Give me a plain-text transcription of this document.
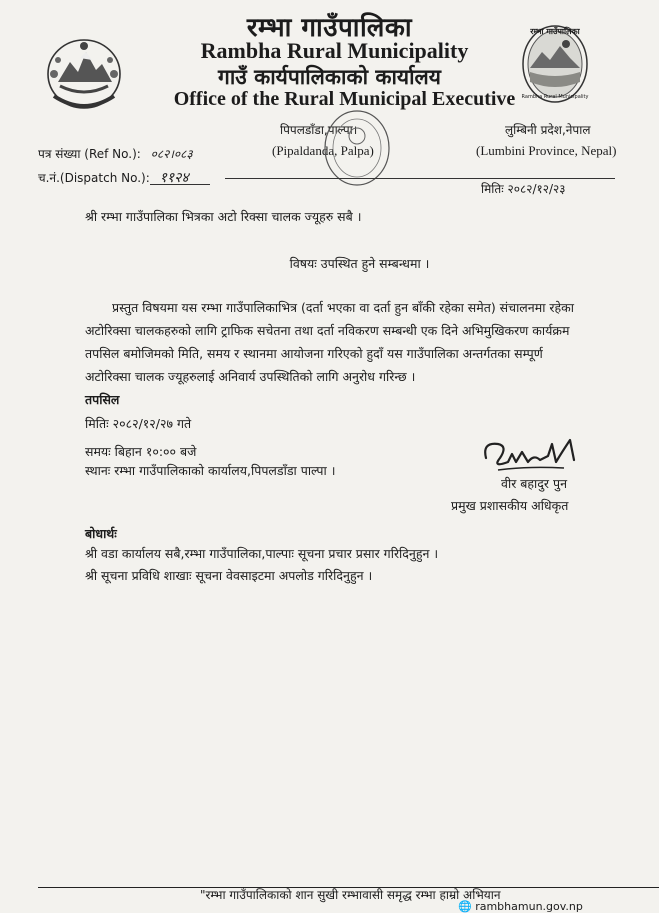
रम्भा गाउँपालिका
Rambha Rural Municipality
रम्भा गाउँपालिका
Rambha Rural Municipality
गाउँ कार्यपालिकाको कार्यालय
Office of the Rural Municipal Executive
पिपलडाँडा,पाल्पा।
(Pipaldanda, Palpa)
लुम्बिनी प्रदेश,नेपाल
(Lumbini Province, Nepal)
पत्र संख्या (Ref No.): ०८२।०८३
च.नं.(Dispatch No.): ११२४
मितिः २०८२/१२/२३
श्री रम्भा गाउँपालिका भित्रका अटो रिक्सा चालक ज्यूहरु सबै ।
विषयः उपस्थित हुने सम्बन्धमा ।
प्रस्तुत विषयमा यस रम्भा गाउँपालिकाभित्र (दर्ता भएका वा दर्ता हुन बाँकी रहेका समेत) संचालनमा रहेका
अटोरिक्सा चालकहरुको लागि ट्राफिक सचेतना तथा दर्ता नविकरण सम्बन्धी एक दिने अभिमुखिकरण कार्यक्रम
तपसिल बमोजिमको मिति, समय र स्थानमा आयोजना गरिएको हुदाँ यस गाउँपालिका अन्तर्गतका सम्पूर्ण
अटोरिक्सा चालक ज्यूहरुलाई अनिवार्य उपस्थितिको लागि अनुरोध गरिन्छ ।
तपसिल
मितिः २०८२/१२/२७ गते
समयः बिहान १०:०० बजे
स्थानः रम्भा गाउँपालिकाको कार्यालय,पिपलडाँडा पाल्पा ।
वीर बहादुर पुन
प्रमुख प्रशासकीय अधिकृत
बोधार्थः
श्री वडा कार्यालय सबै,रम्भा गाउँपालिका,पाल्पाः सूचना प्रचार प्रसार गरिदिनुहुन ।
श्री सूचना प्रविधि शाखाः सूचना वेवसाइटमा अपलोड गरिदिनुहुन ।
"रम्भा गाउँपालिकाको शान सुखी रम्भावासी समृद्ध रम्भा हाम्रो अभियान
🌐 rambhamun.gov.np
